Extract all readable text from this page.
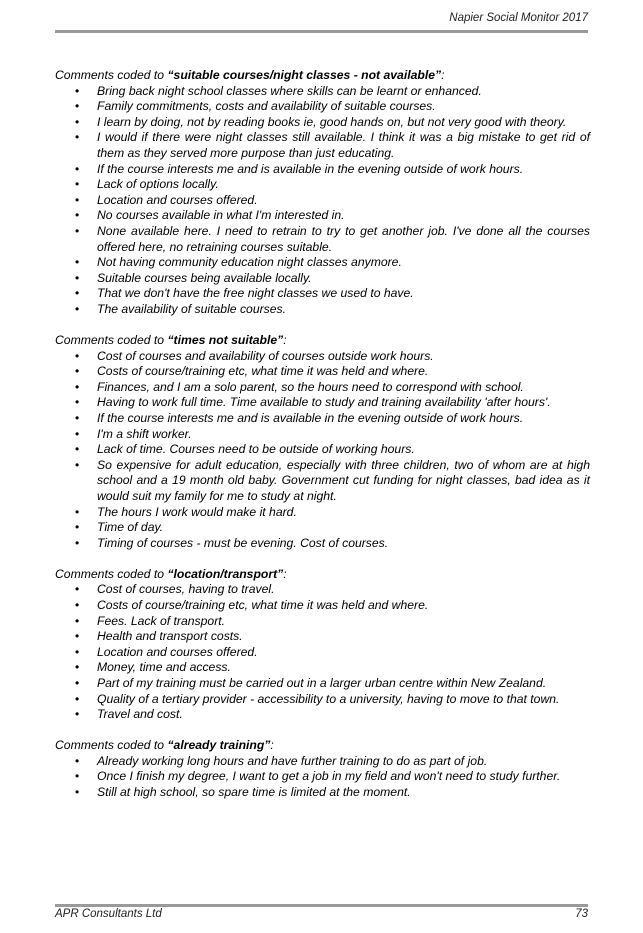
Napier Social Monitor 2017

Comments coded to “suitable courses/night classes - not available”:

• Bring back night school classes where skills can be learnt or enhanced.
• Family commitments, costs and availability of suitable courses.
• I learn by doing, not by reading books ie, good hands on, but not very good with theory.
• I would if there were night classes still available. I think it was a big mistake to get rid of them as they served more purpose than just educating.
• If the course interests me and is available in the evening outside of work hours.
• Lack of options locally.
• Location and courses offered.
• No courses available in what I'm interested in.
• None available here. I need to retrain to try to get another job. I've done all the courses offered here, no retraining courses suitable.
• Not having community education night classes anymore.
• Suitable courses being available locally.
• That we don't have the free night classes we used to have.
• The availability of suitable courses.

Comments coded to “times not suitable”:

• Cost of courses and availability of courses outside work hours.
• Costs of course/training etc, what time it was held and where.
• Finances, and I am a solo parent, so the hours need to correspond with school.
• Having to work full time. Time available to study and training availability 'after hours'.
• If the course interests me and is available in the evening outside of work hours.
• I'm a shift worker.
• Lack of time. Courses need to be outside of working hours.
• So expensive for adult education, especially with three children, two of whom are at high school and a 19 month old baby. Government cut funding for night classes, bad idea as it would suit my family for me to study at night.
• The hours I work would make it hard.
• Time of day.
• Timing of courses - must be evening. Cost of courses.

Comments coded to “location/transport”:

• Cost of courses, having to travel.
• Costs of course/training etc, what time it was held and where.
• Fees. Lack of transport.
• Health and transport costs.
• Location and courses offered.
• Money, time and access.
• Part of my training must be carried out in a larger urban centre within New Zealand.
• Quality of a tertiary provider - accessibility to a university, having to move to that town.
• Travel and cost.

Comments coded to “already training”:

• Already working long hours and have further training to do as part of job.
• Once I finish my degree, I want to get a job in my field and won't need to study further.
• Still at high school, so spare time is limited at the moment.
APR Consultants Ltd	73
